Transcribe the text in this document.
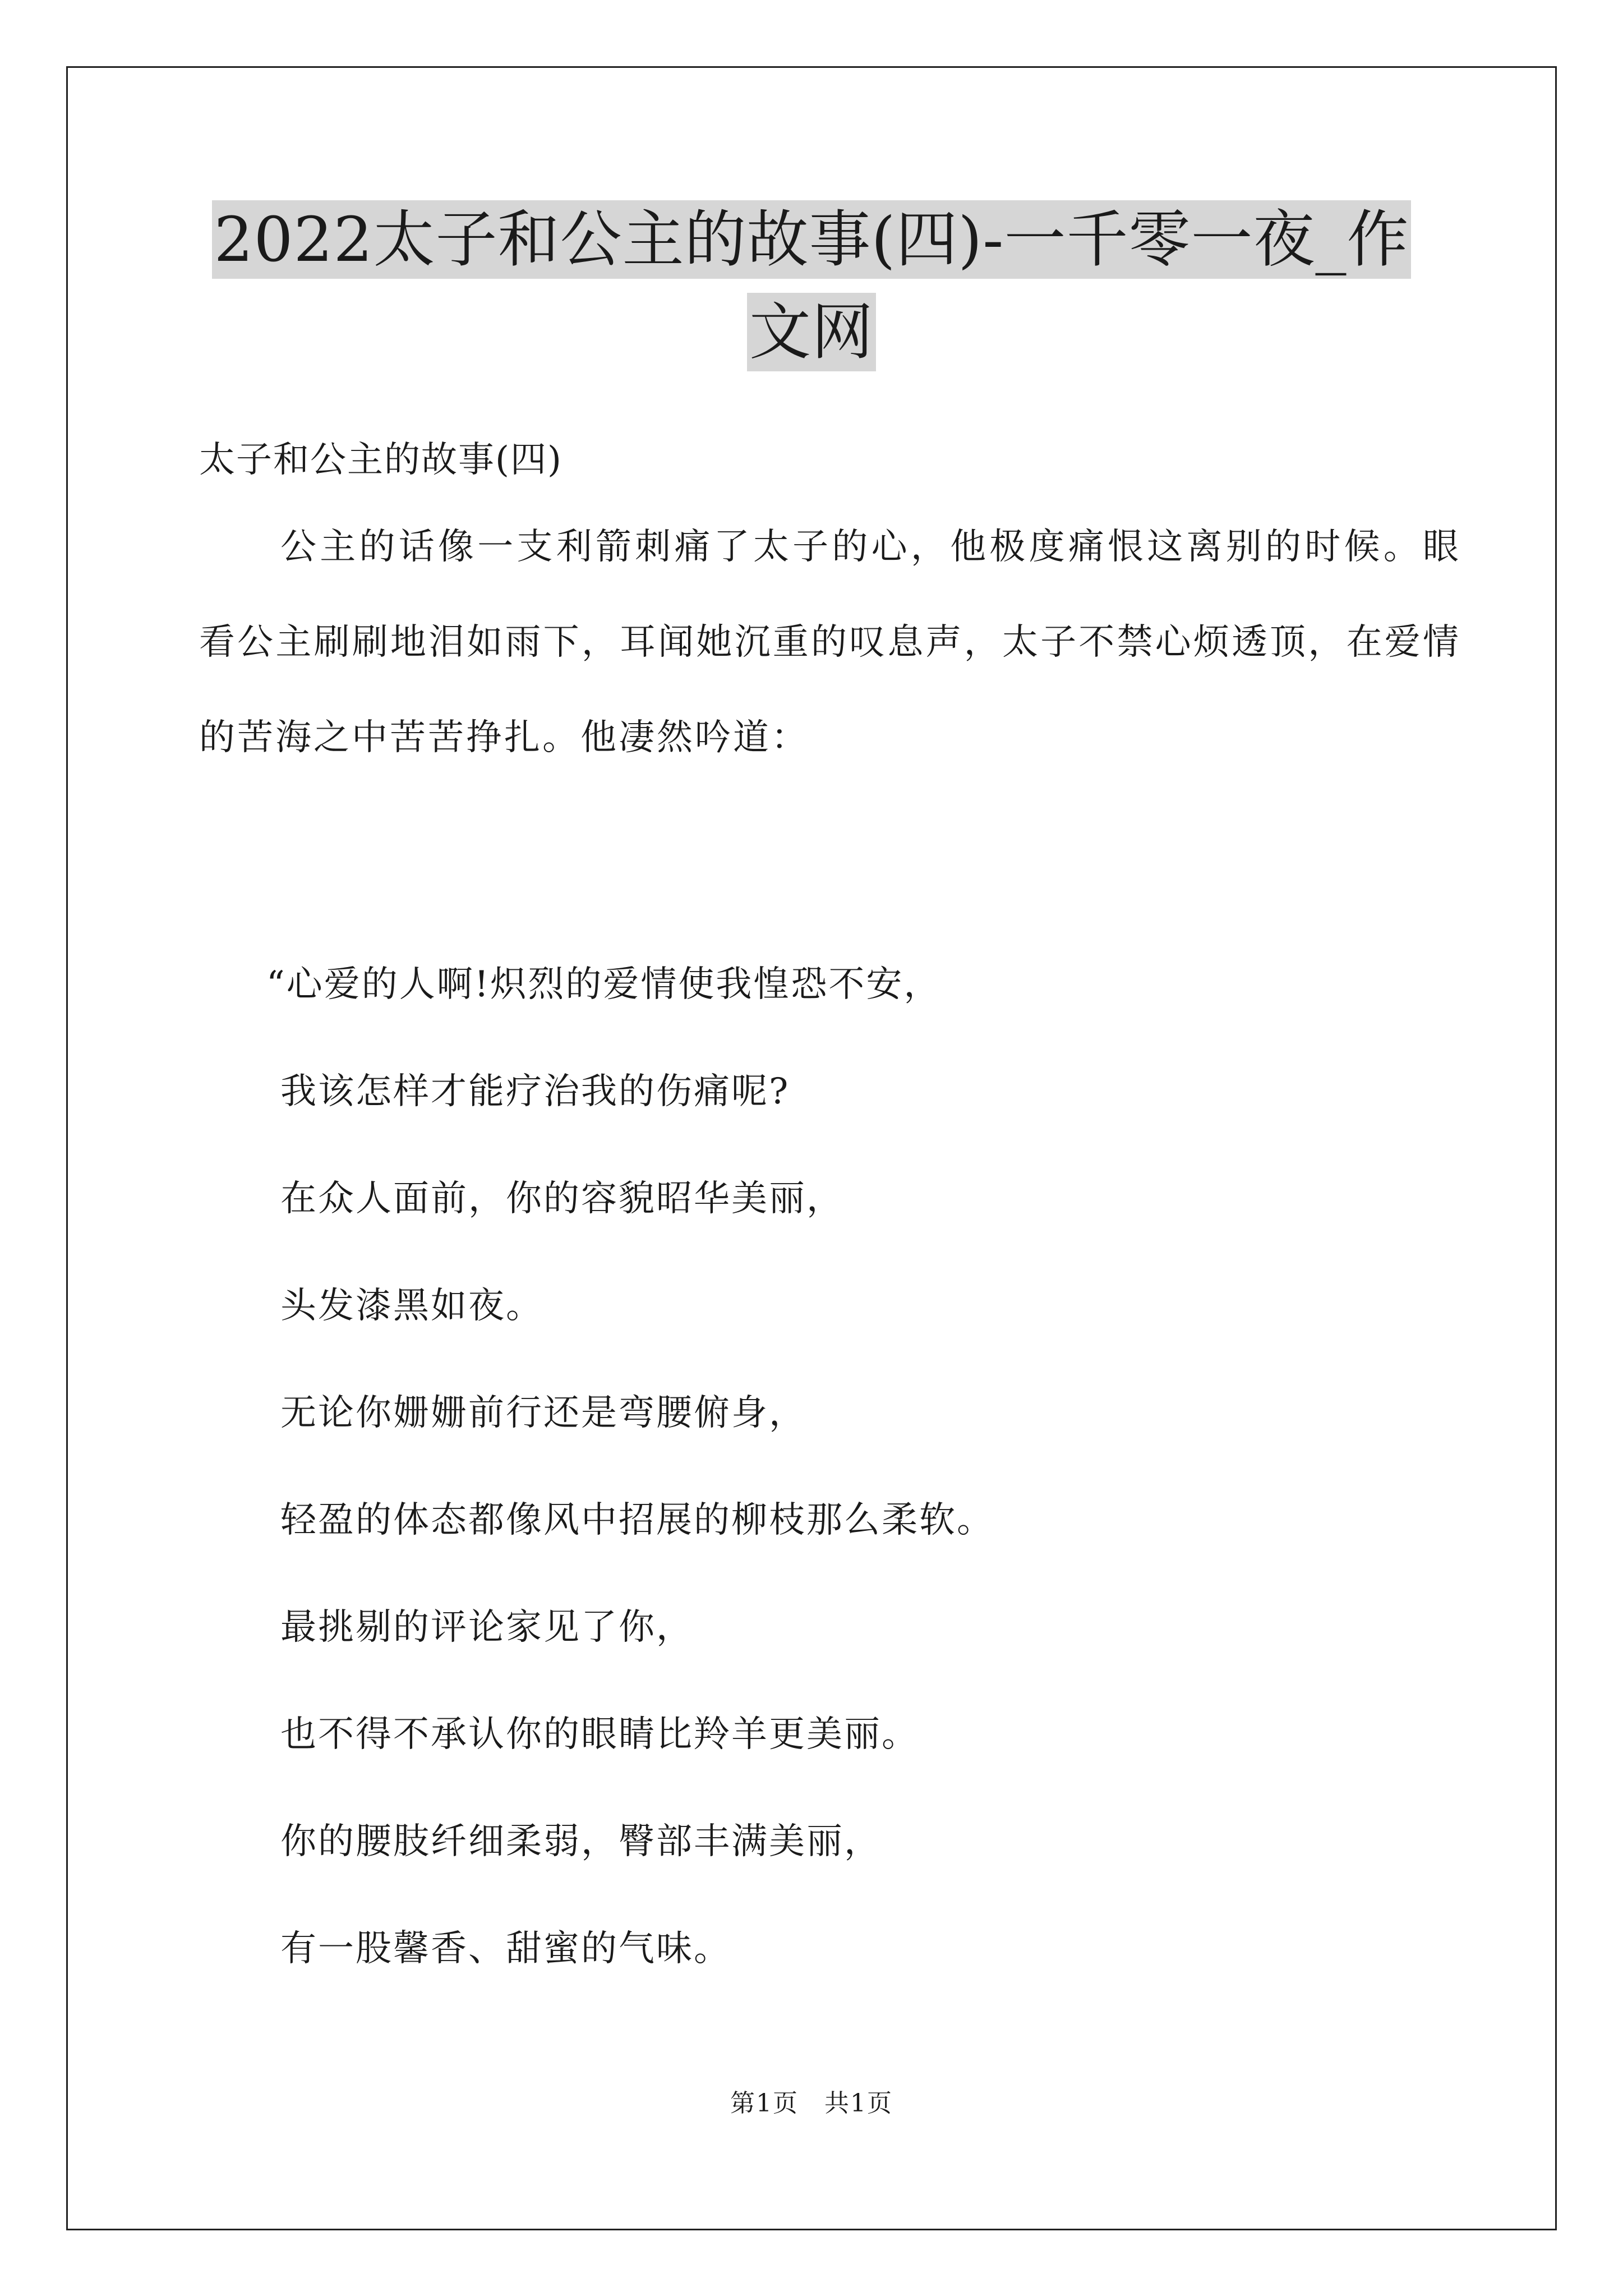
2022太子和公主的故事(四)-一千零一夜_作文网
太子和公主的故事(四)

公主的话像一支利箭刺痛了太子的心，他极度痛恨这离别的时候。眼看公主刷刷地泪如雨下，耳闻她沉重的叹息声，太子不禁心烦透顶，在爱情的苦海之中苦苦挣扎。他凄然吟道：

“心爱的人啊!炽烈的爱情使我惶恐不安，
我该怎样才能疗治我的伤痛呢?
在众人面前，你的容貌昭华美丽，
头发漆黑如夜。
无论你姗姗前行还是弯腰俯身，
轻盈的体态都像风中招展的柳枝那么柔软。
最挑剔的评论家见了你，
也不得不承认你的眼睛比羚羊更美丽。
你的腰肢纤细柔弱，臀部丰满美丽，
有一股馨香、甜蜜的气味。
第1页　共1页
